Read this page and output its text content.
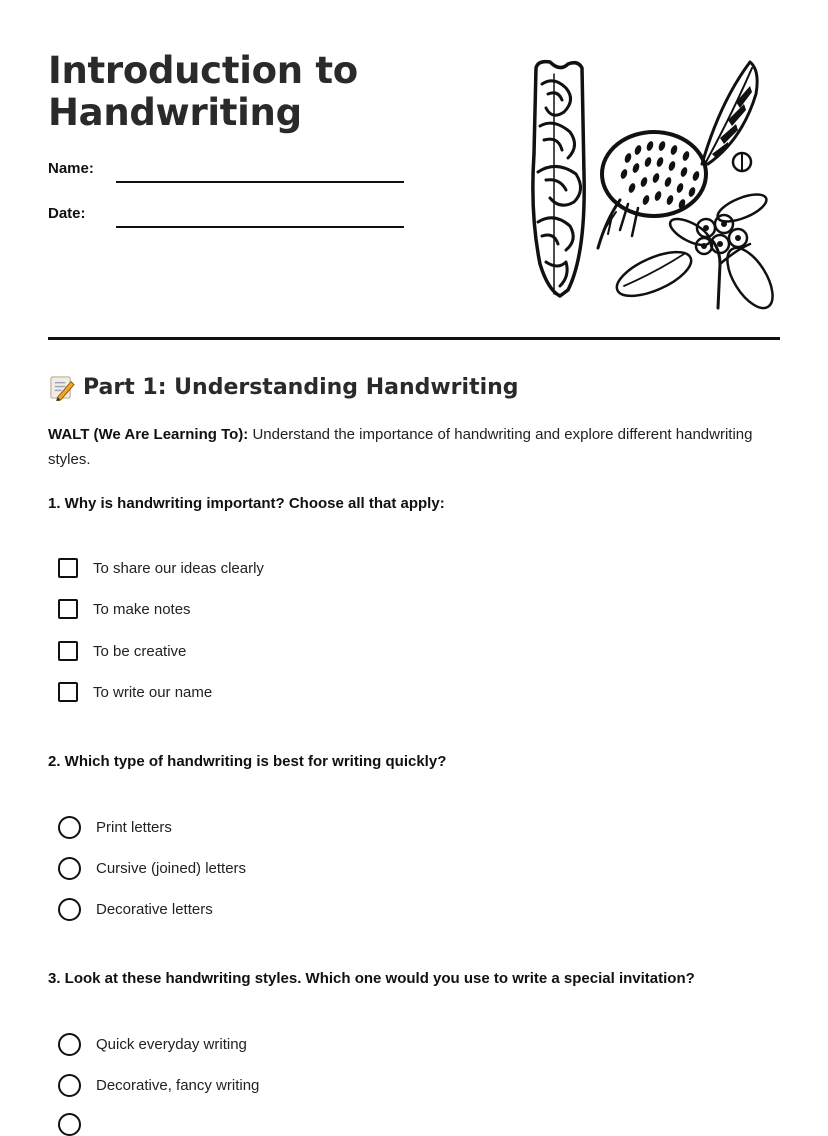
Introduction to Handwriting
Name:
Date:
Part 1: Understanding Handwriting
WALT (We Are Learning To): Understand the importance of handwriting and explore different handwriting styles.
1. Why is handwriting important? Choose all that apply:
To share our ideas clearly
To make notes
To be creative
To write our name
2. Which type of handwriting is best for writing quickly?
Print letters
Cursive (joined) letters
Decorative letters
3. Look at these handwriting styles. Which one would you use to write a special invitation?
Quick everyday writing
Decorative, fancy writing
